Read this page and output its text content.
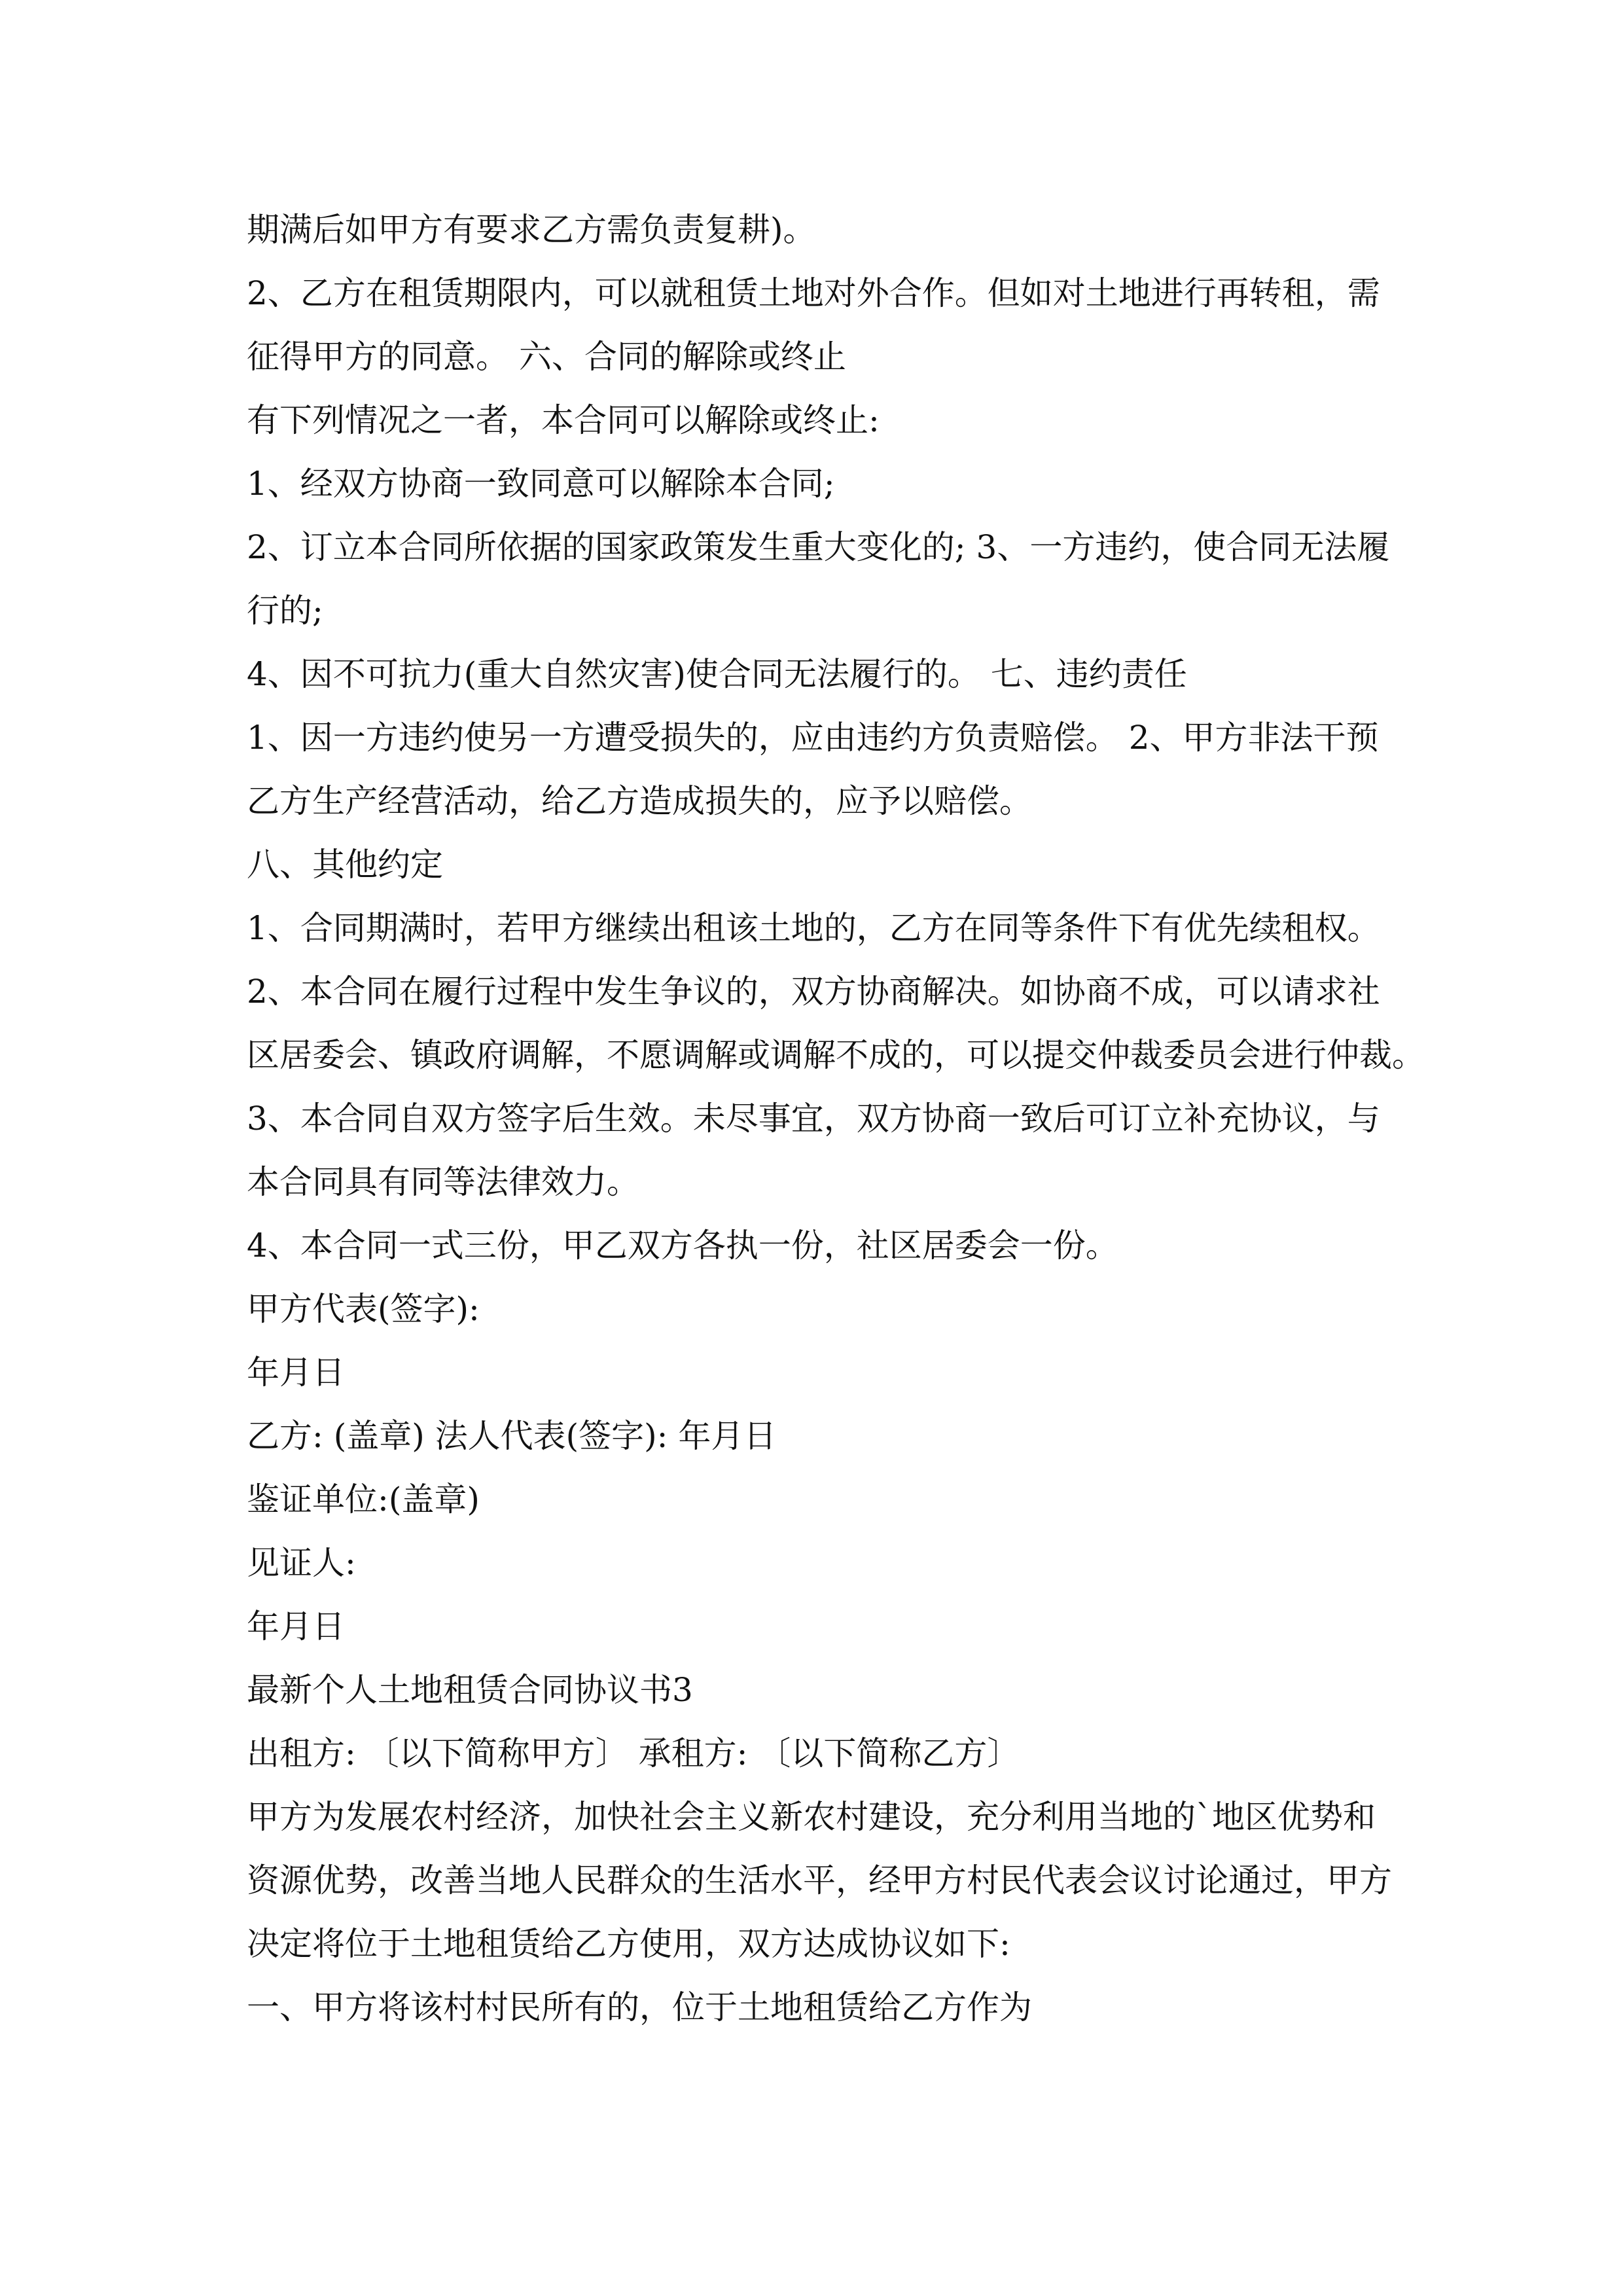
期满后如甲方有要求乙方需负责复耕)。
2、乙方在租赁期限内，可以就租赁土地对外合作。但如对土地进行再转租，需
征得甲方的同意。 六、合同的解除或终止
有下列情况之一者，本合同可以解除或终止:
1、经双方协商一致同意可以解除本合同;
2、订立本合同所依据的国家政策发生重大变化的; 3、一方违约，使合同无法履
行的;
4、因不可抗力(重大自然灾害)使合同无法履行的。 七、违约责任
1、因一方违约使另一方遭受损失的，应由违约方负责赔偿。 2、甲方非法干预
乙方生产经营活动，给乙方造成损失的，应予以赔偿。
八、其他约定
1、合同期满时，若甲方继续出租该土地的，乙方在同等条件下有优先续租权。
2、本合同在履行过程中发生争议的，双方协商解决。如协商不成，可以请求社
区居委会、镇政府调解，不愿调解或调解不成的，可以提交仲裁委员会进行仲裁。
3、本合同自双方签字后生效。未尽事宜，双方协商一致后可订立补充协议，与
本合同具有同等法律效力。
4、本合同一式三份，甲乙双方各执一份，社区居委会一份。
甲方代表(签字):
年月日
乙方: (盖章) 法人代表(签字): 年月日
鉴证单位:(盖章)
见证人:
年月日
最新个人土地租赁合同协议书3
出租方: 〔以下简称甲方〕 承租方: 〔以下简称乙方〕
甲方为发展农村经济，加快社会主义新农村建设，充分利用当地的`地区优势和
资源优势，改善当地人民群众的生活水平，经甲方村民代表会议讨论通过，甲方
决定将位于土地租赁给乙方使用，双方达成协议如下:
一、甲方将该村村民所有的，位于土地租赁给乙方作为
